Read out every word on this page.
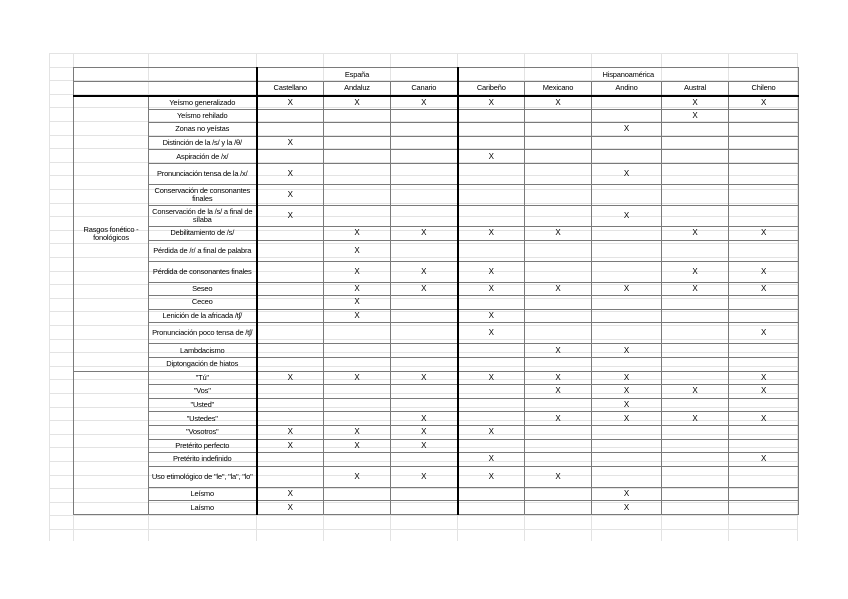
		España			Hispanoamérica				
		Castellano	Andaluz	Canario	Caribeño	Mexicano	Andino	Austral	Chileno
Rasgos fonético - fonológicos	Yeísmo generalizado	X	X	X	X	X		X	X
	Yeísmo rehilado							X	
	Zonas no yeístas						X		
	Distinción de la /s/ y la /θ/	X							
	Aspiración de /x/				X				
	Pronunciación tensa de la /x/	X					X		
	Conservación de consonantes finales	X							
	Conservación de la /s/ a final de sílaba	X					X		
	Debilitamiento de /s/		X	X	X	X		X	X
	Pérdida de /r/ a final de palabra		X						
	Pérdida de consonantes finales		X	X	X			X	X
	Seseo		X	X	X	X	X	X	X
	Ceceo		X						
	Lenición de la africada /tʃ/		X		X				
	Pronunciación poco tensa de /tʃ/				X				X
	Lambdacismo					X	X		
	Diptongación de hiatos								
	"Tú"	X	X	X	X	X	X		X
	"Vos"					X	X	X	X
	"Usted"						X		
	"Ustedes"			X		X	X	X	X
	"Vosotros"	X	X	X	X				
	Pretérito perfecto	X	X	X					
	Pretérito indefinido				X				X
	Uso etimológico de "le", "la", "lo"		X	X	X	X			
	Leísmo	X					X		
	Laísmo	X					X		
